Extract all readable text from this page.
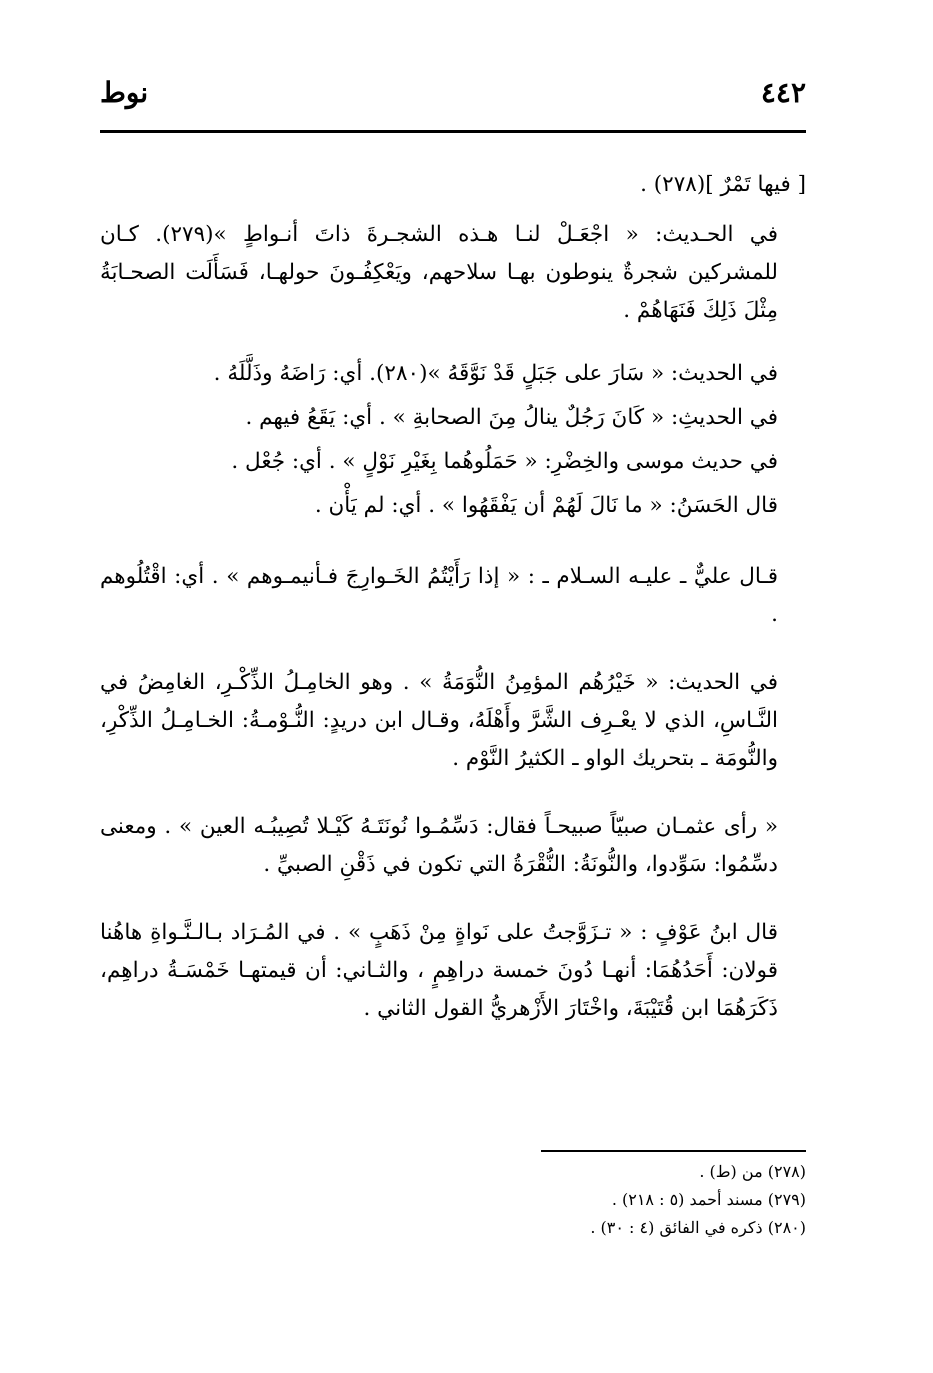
٤٤٢
نوط

[ فيها تَمْرٌ ](٢٧٨) .

في الحـديث: « اجْعَـلْ لنـا هـذه الشجـرةَ ذاتَ أنـواطٍ »(٢٧٩). كـان للمشركين شجرةٌ ينوطون بهـا سلاحهم، ويَعْكِفُـونَ حولهـا، فَسَأَلَت الصحـابَةُ مِثْلَ ذَلِكَ فَنَهَاهُمْ .

في الحديث: « سَارَ على جَبَلٍ قَدْ نَوَّقَهُ »(٢٨٠). أي: رَاضَهُ وذَلَّلَهُ .

في الحديثِ: « كَانَ رَجُلٌ ينالُ مِنَ الصحابةِ » . أي: يَقَعُ فيهم .

في حديث موسى والخِضْرِ: « حَمَلُوهُما بِغَيْرِ نَوْلٍ » . أي: جُعْل .

قال الحَسَنُ: « ما نَالَ لَهُمْ أن يَفْقَهُوا » . أي: لم يَأْن .

قـال عليٌّ ـ عليـه السـلام ـ : « إذا رَأَيْتُمُ الخَـوارِجَ فـأنيمـوهم » . أي: اقْتُلُوهم .

في الحديث: « خَيْرُهُم المؤمِنُ النُّوَمَةُ » . وهو الخامِـلُ الذِّكْـرِ، الغامِضُ في النَّـاسِ، الذي لا يعْـرِف الشَّرَّ وأَهْلَهُ، وقـال ابن دريدٍ: النُّـوْمـةُ: الخـامِـلُ الذِّكْرِ، والنُّومَة ـ بتحريك الواو ـ الكثيرُ النَّوْم .

« رأى عثمـان صبيّاً صبيحـاً فقال: دَسِّمُـوا نُونَتَـهُ كَيْـلا تُصِيبُـه العين » . ومعنى دسِّمُوا: سَوِّدوا، والنُّونَةُ: النُّقْرَةُ التي تكون في ذَقْنِ الصبيِّ .

قال ابنُ عَوْفٍ : « تـزَوَّجتُ على نَواةٍ مِنْ ذَهَبٍ » . في المُـرَاد بـالـنَّـواةِ هاهُنا قولان: أَحَدُهُمَا: أنهـا دُونَ خمسة دراهِمٍ ، والثـاني: أن قيمتهـا خَمْسَـةُ دراهِم، ذَكَرَهُمَا ابن قُتَيْبَةَ، واخْتَارَ الأَزْهريُّ القول الثاني .

(٢٧٨) من (ط) .

(٢٧٩) مسند أحمد (٥ : ٢١٨) .

(٢٨٠) ذكره في الفائق (٤ : ٣٠) .
